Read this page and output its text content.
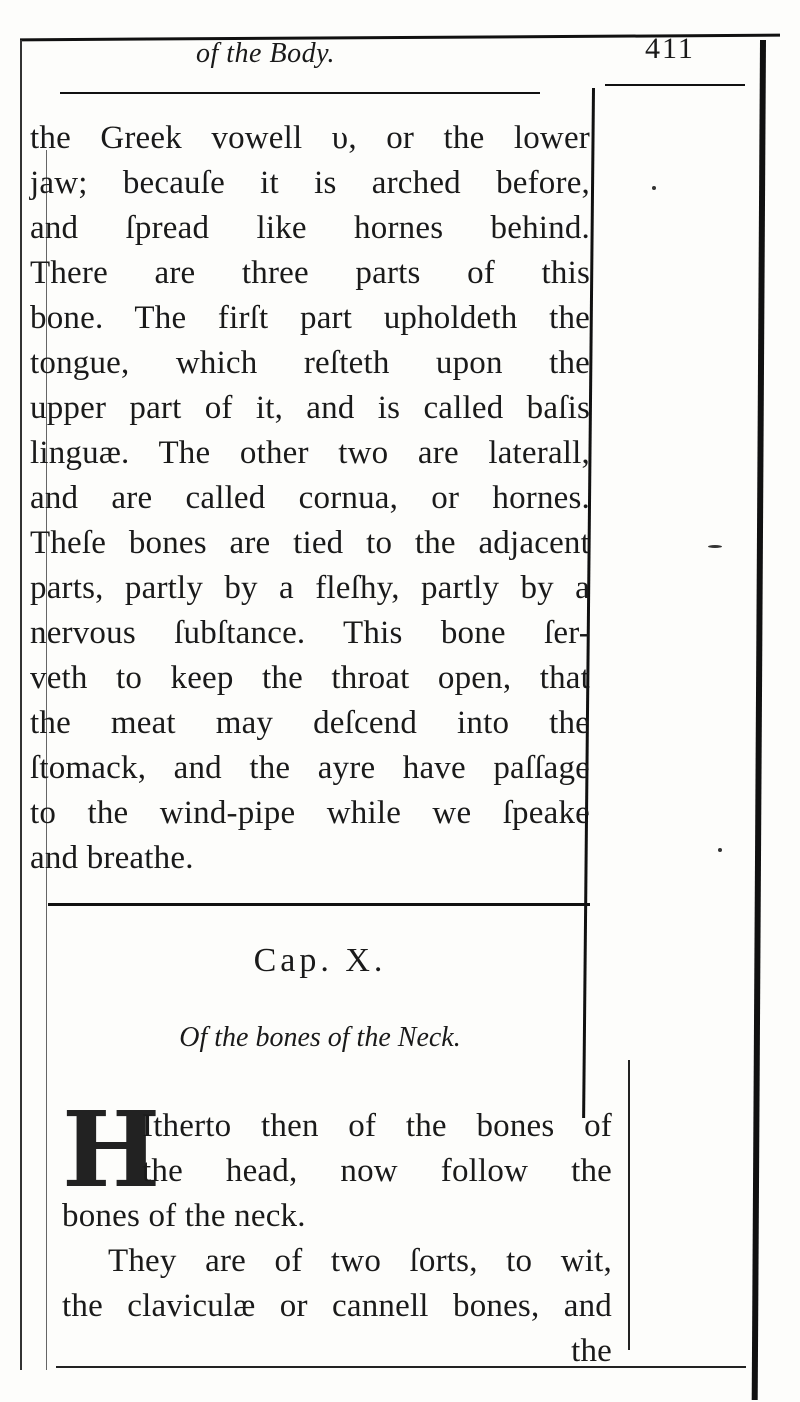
of the Body.	411
the Greek vowell υ, or the lower
jaw; becauſe it is arched before,
and ſpread like hornes behind.
There are three parts of this
bone. The firſt part upholdeth the
tongue, which reſteth upon the
upper part of it, and is called baſis
linguæ. The other two are laterall,
and are called cornua, or hornes.
Theſe bones are tied to the adjacent
parts, partly by a fleſhy, partly by a
nervous ſubſtance. This bone ſer-
veth to keep the throat open, that
the meat may deſcend into the
ſtomack, and the ayre have paſſage
to the wind-pipe while we ſpeake
and breathe.
Cap. X.
Of the bones of the Neck.
H
Itherto then of the bones of
the head, now follow the
bones of the neck.
They are of two ſorts, to wit,
the claviculæ or cannell bones, and
the
